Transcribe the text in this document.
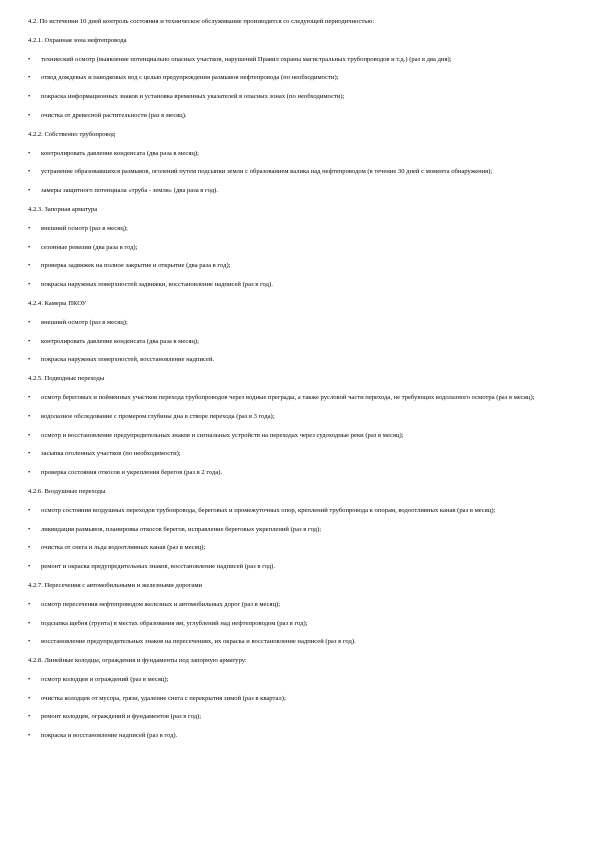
4.2. По истечении 10 дней контроль состояния и техническое обслуживание производится со следующей периодичностью:
4.2.1. Охранная зона нефтепровода
•	техниеский осмотр (выявление потенциально опасных участков, нарушений Правил охраны магистральных трубопроводов и т.д.) (раз в два дня);
•	отвод дождевых и паводковых вод с целью предупреждения размывов нефтепровода (по необходимости);
•	покраска информационных знаков и установка временных указателей в опасных зонах (по необходимости);
•	очистка от древесной растительности (раз в месяц).
4.2.2. Собственно трубопровод
•	контролировать давление конденсата (два раза в месяц);
•	устранение образовавшихся размывов, оголений путем подсыпки земли с образованием валика над нефтепроводом (в течение 30 дней с момента обнаружения);
•	замеры защитного потенциала «труба - земля» (два раза в год).
4.2.3. Запорная арматура
•	внешний осмотр (раз в месяц);
•	сезонные ревизии (два раза в год);
•	проверка задвижек на полное закрытие и открытие (два раза в год);
•	покраска наружных поверхностей задвижки, восстановление надписей (раз в год).
4.2.4. Камеры ПКОУ
•	внешний осмотр (раз в месяц);
•	контролировать давление конденсата (два раза в месяц);
•	покраска наружных поверхностей, восстановление надписей.
4.2.5. Подводные переходы
•	осмотр береговых и пойменных участков перехода трубопроводов через водные преграды, а также русловой части перехода, не требующих водолазного осмотра (раз в месяц);
•	водолазное обследование с промером глубины дна в створе перехода (раз в 3 года);
•	осмотр и восстановление предупредительных знаков и сигнальных устройств на переходах через судоходные реки (раз в месяц);
•	засыпка оголенных участков (по необходимости);
•	проверка состояния откосов и укрепления берегов (раз в 2 года).
4.2.6. Воздушные переходы
•	осмотр состояния воздушных переходов трубопровода, береговых и промежуточных опор, креплений трубопровода к опорам, водоотливных канав (раз в месяц);
•	ликвидация размывов, планировка откосов берегов, исправление береговых укреплений (раз в год);
•	очистка от снега и льда водоотливных канав (раз в месяц);
•	ремонт и окраска предупредительных знаков, восстановление надписей (раз в год).
4.2.7. Пересечения с автомобильными и железными дорогами
•	осмотр пересечения нефтепроводом железных и автомобильных дорог (раз в месяц);
•	подсыпка щебня (грунта) в местах образования ям, углублений над нефтепроводом (раз в год);
•	восстановление предупредительных знаков на пересечениях, их окраска и восстановление надписей (раз в год).
4.2.8. Линейные колодцы, ограждения и фундаменты под запорную арматуру:
•	осмотр колодцев и ограждений (раз в месяц);
•	очистка колодцев от мусора, грязи, удаление снега с перекрытия зимой (раз в квартал);
•	ремонт колодцев, ограждений и фундаментов (раз в год);
•	покраска и восстановление надписей (раз в год).
